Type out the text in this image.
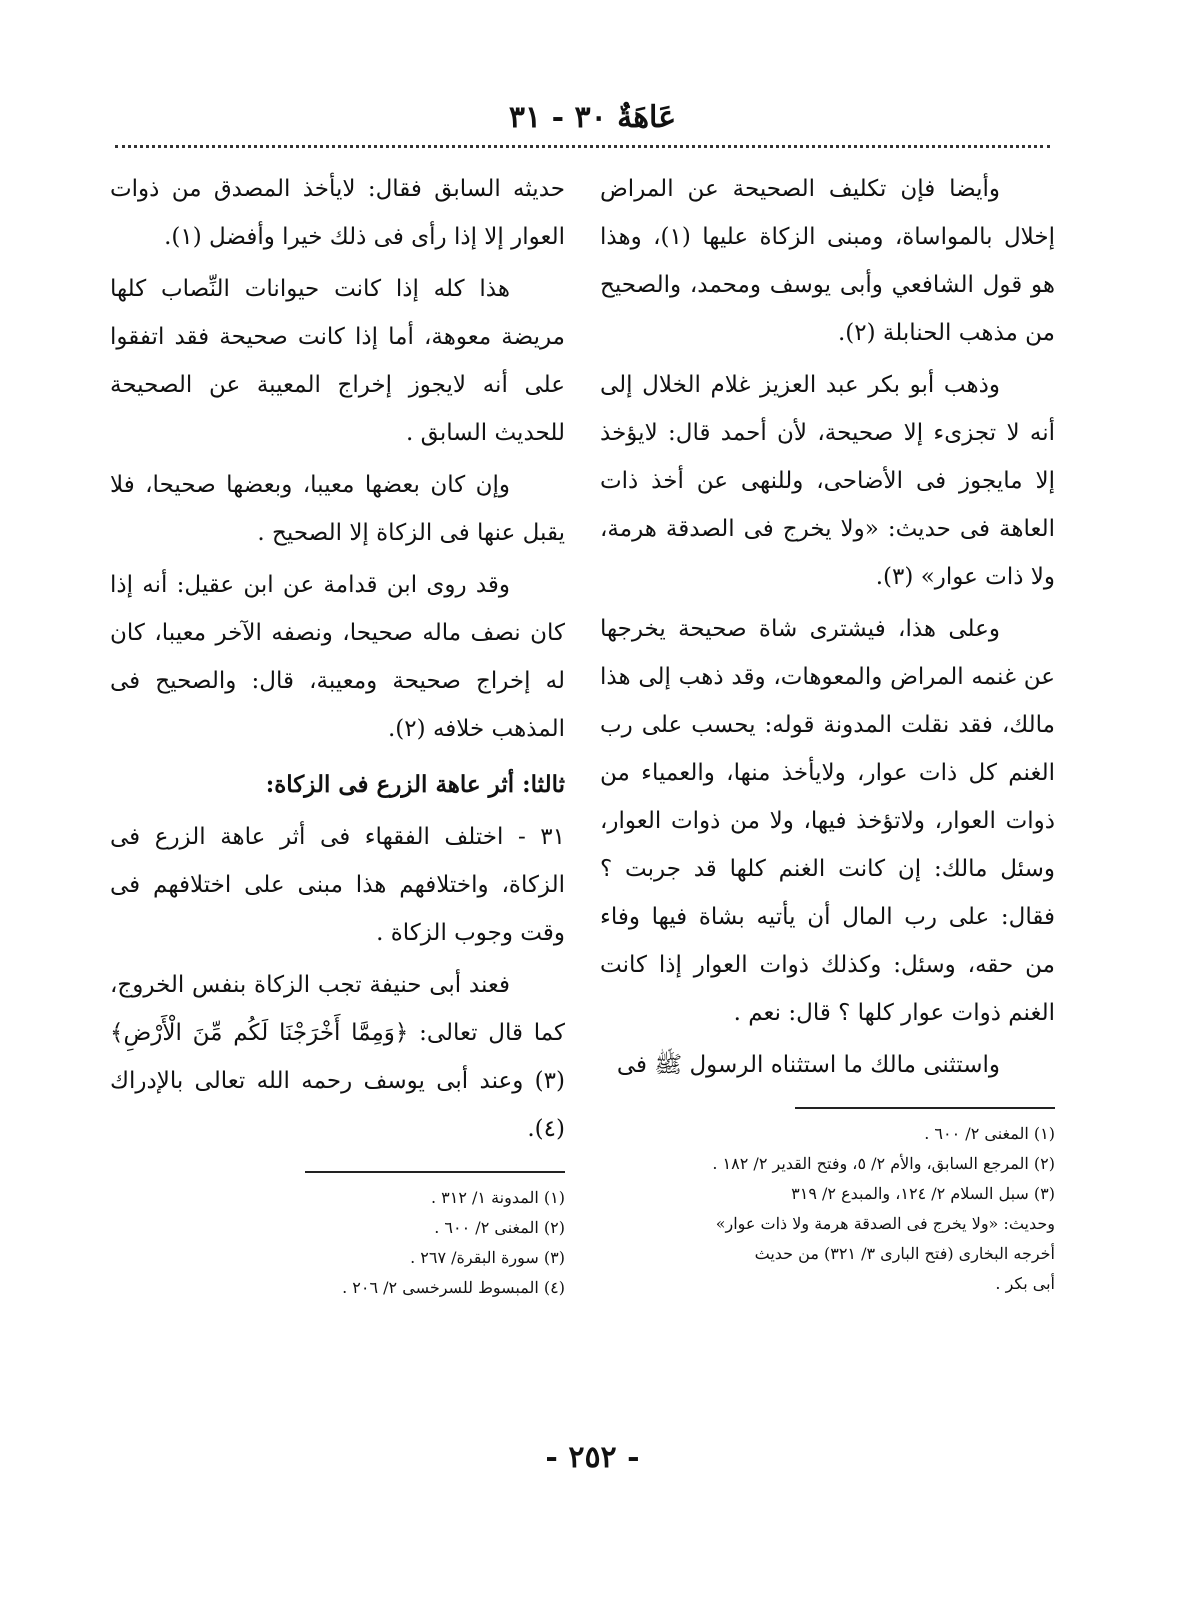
عَاهَةٌ ٣٠ - ٣١

وأيضا فإن تكليف الصحيحة عن المراض إخلال بالمواساة، ومبنى الزكاة عليها (١)، وهذا هو قول الشافعي وأبى يوسف ومحمد، والصحيح من مذهب الحنابلة (٢).

وذهب أبو بكر عبد العزيز غلام الخلال إلى أنه لا تجزىء إلا صحيحة، لأن أحمد قال: لايؤخذ إلا مايجوز فى الأضاحى، وللنهى عن أخذ ذات العاهة فى حديث: «ولا يخرج فى الصدقة هرمة، ولا ذات عوار» (٣).

وعلى هذا، فيشترى شاة صحيحة يخرجها عن غنمه المراض والمعوهات، وقد ذهب إلى هذا مالك، فقد نقلت المدونة قوله: يحسب على رب الغنم كل ذات عوار، ولايأخذ منها، والعمياء من ذوات العوار، ولاتؤخذ فيها، ولا من ذوات العوار، وسئل مالك: إن كانت الغنم كلها قد جربت ؟ فقال: على رب المال أن يأتيه بشاة فيها وفاء من حقه، وسئل: وكذلك ذوات العوار إذا كانت الغنم ذوات عوار كلها ؟ قال: نعم .

واستثنى مالك ما استثناه الرسول ﷺ فى

(١) المغنى ٢/ ٦٠٠ .
(٢) المرجع السابق، والأم ٢/ ٥، وفتح القدير ٢/ ١٨٢ .
(٣) سبل السلام ٢/ ١٢٤، والمبدع ٢/ ٣١٩
وحديث: «ولا يخرج فى الصدقة هرمة ولا ذات عوار»
أخرجه البخارى (فتح البارى ٣/ ٣٢١) من حديث
أبى بكر .

حديثه السابق فقال: لايأخذ المصدق من ذوات العوار إلا إذا رأى فى ذلك خيرا وأفضل (١).

هذا كله إذا كانت حيوانات النِّصاب كلها مريضة معوهة، أما إذا كانت صحيحة فقد اتفقوا على أنه لايجوز إخراج المعيبة عن الصحيحة للحديث السابق .

وإن كان بعضها معيبا، وبعضها صحيحا، فلا يقبل عنها فى الزكاة إلا الصحيح .

وقد روى ابن قدامة عن ابن عقيل: أنه إذا كان نصف ماله صحيحا، ونصفه الآخر معيبا، كان له إخراج صحيحة ومعيبة، قال: والصحيح فى المذهب خلافه (٢).

ثالثا: أثر عاهة الزرع فى الزكاة:

٣١ - اختلف الفقهاء فى أثر عاهة الزرع فى الزكاة، واختلافهم هذا مبنى على اختلافهم فى وقت وجوب الزكاة .

فعند أبى حنيفة تجب الزكاة بنفس الخروج، كما قال تعالى: ﴿وَمِمَّا أَخْرَجْنَا لَكُم مِّنَ الْأَرْضِ﴾ (٣) وعند أبى يوسف رحمه الله تعالى بالإدراك (٤).

(١) المدونة ١/ ٣١٢ .
(٢) المغنى ٢/ ٦٠٠ .
(٣) سورة البقرة/ ٢٦٧ .
(٤) المبسوط للسرخسى ٢/ ٢٠٦ .
- ٢٥٢ -
